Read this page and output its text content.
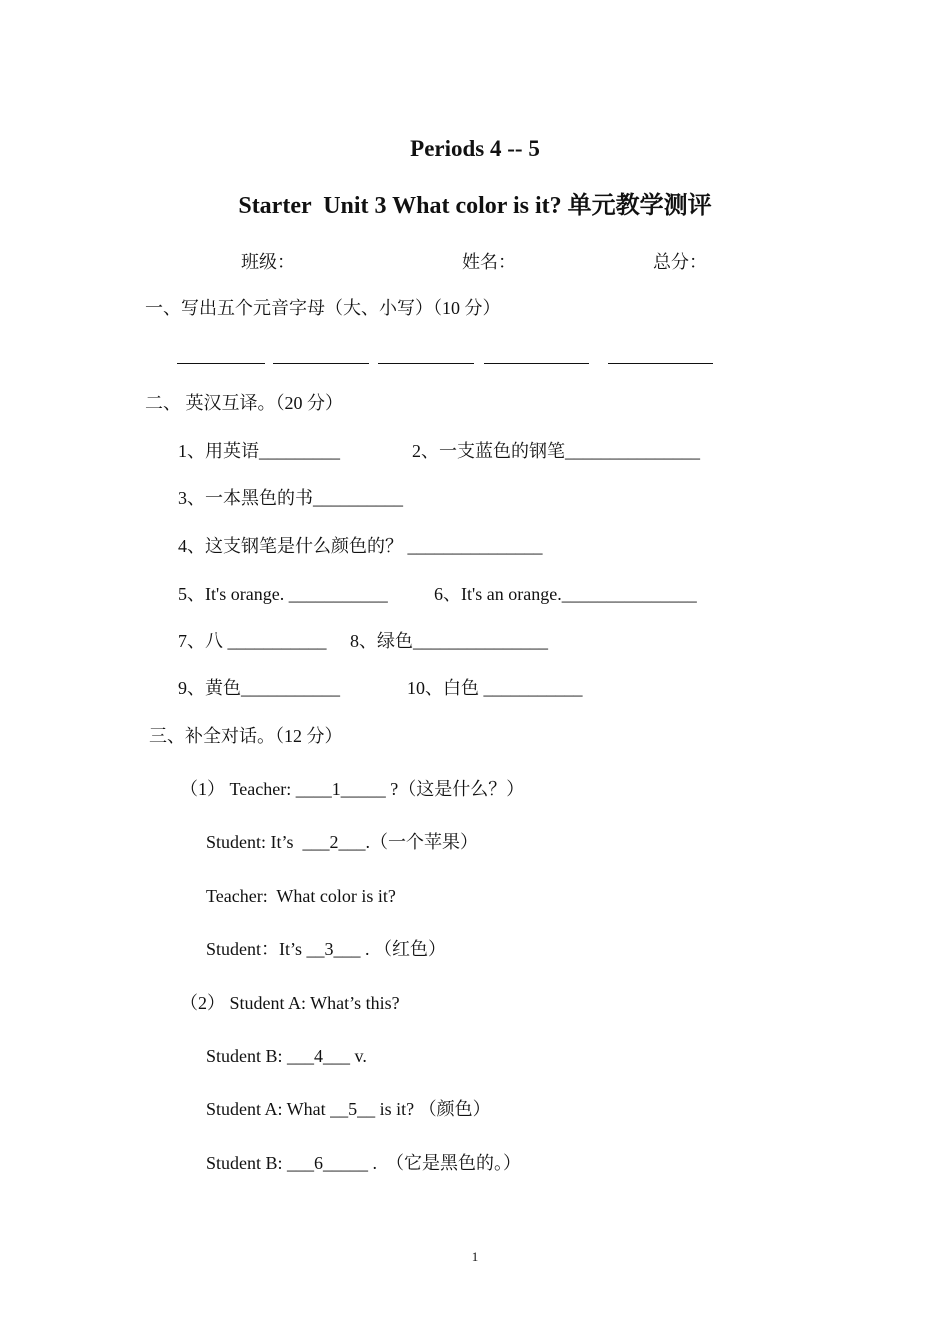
Periods 4 -- 5
Starter  Unit 3 What color is it? 单元教学测评
班级：	姓名：	总分：
一、写出五个元音字母（大、小写）（10 分）
二、 英汉互译。（20 分）
1、用英语_________	2、一支蓝色的钢笔_______________
3、一本黑色的书__________
4、这支钢笔是什么颜色的？ _______________
5、It's orange. ___________	6、It's an orange._______________
7、八 ___________ 8、绿色_______________
9、黄色___________	10、白色 ___________
三、补全对话。（12 分）
（1） Teacher: ____1_____ ?（这是什么？）
Student: It’s  ___2___.（一个苹果）
Teacher:  What color is it?
Student：It’s __3___ . （红色）
（2） Student A: What’s this?
Student B: ___4___ v.
Student A: What __5__ is it? （颜色）
Student B: ___6_____ .  （它是黑色的。）
1
